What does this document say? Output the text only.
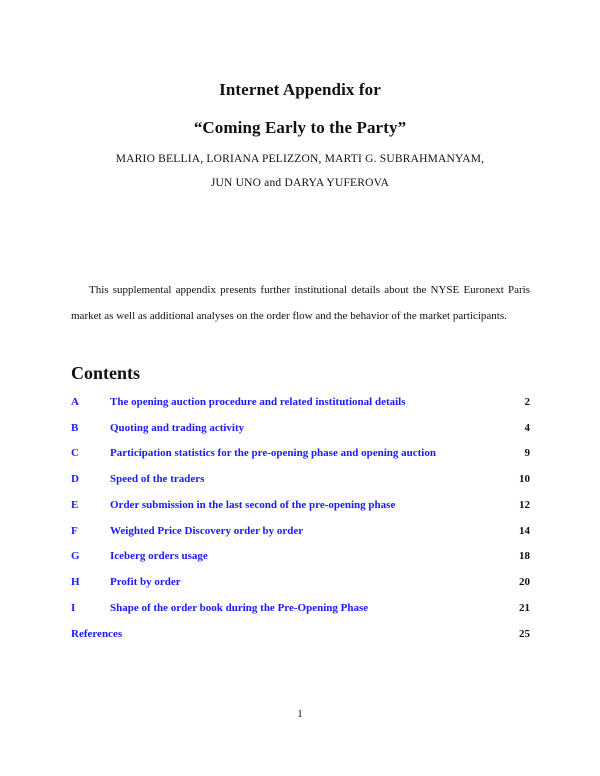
Internet Appendix for
“Coming Early to the Party”
MARIO BELLIA, LORIANA PELIZZON, MARTI G. SUBRAHMANYAM,
JUN UNO and DARYA YUFEROVA

This supplemental appendix presents further institutional details about the NYSE Euronext Paris market as well as additional analyses on the order flow and the behavior of the market participants.

Contents
A	The opening auction procedure and related institutional details	2
B	Quoting and trading activity	4
C	Participation statistics for the pre-opening phase and opening auction	9
D	Speed of the traders	10
E	Order submission in the last second of the pre-opening phase	12
F	Weighted Price Discovery order by order	14
G	Iceberg orders usage	18
H	Profit by order	20
I	Shape of the order book during the Pre-Opening Phase	21
References	25
1
